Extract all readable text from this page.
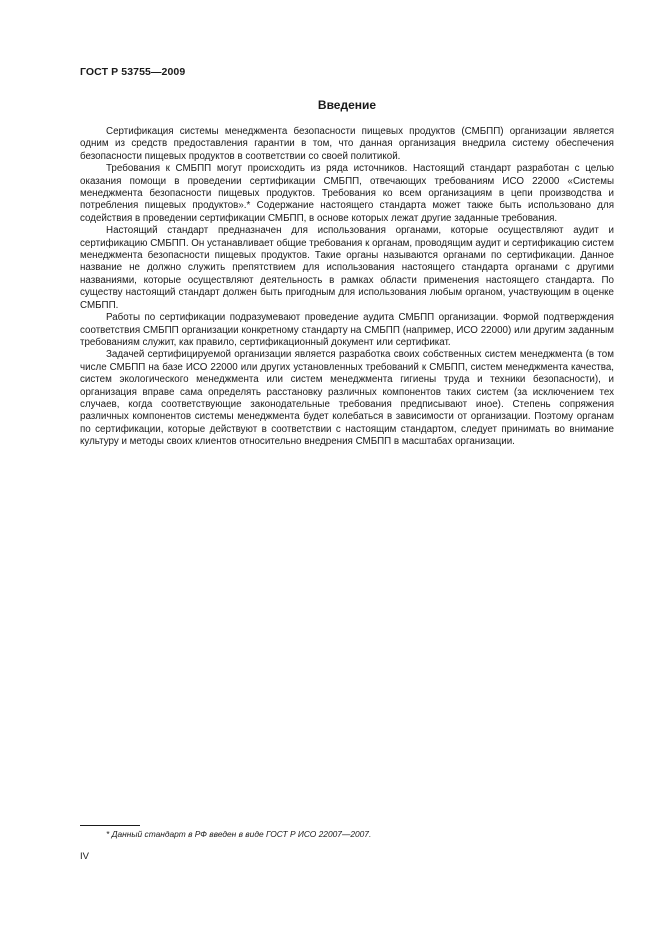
ГОСТ Р 53755—2009
Введение

Сертификация системы менеджмента безопасности пищевых продуктов (СМБПП) организации является одним из средств предоставления гарантии в том, что данная организация внедрила систему обеспечения безопасности пищевых продуктов в соответствии со своей политикой.

Требования к СМБПП могут происходить из ряда источников. Настоящий стандарт разработан с целью оказания помощи в проведении сертификации СМБПП, отвечающих требованиям ИСО 22000 «Системы менеджмента безопасности пищевых продуктов. Требования ко всем организациям в цепи производства и потребления пищевых продуктов».* Содержание настоящего стандарта может также быть использовано для содействия в проведении сертификации СМБПП, в основе которых лежат другие заданные требования.

Настоящий стандарт предназначен для использования органами, которые осуществляют аудит и сертификацию СМБПП. Он устанавливает общие требования к органам, проводящим аудит и сертификацию систем менеджмента безопасности пищевых продуктов. Такие органы называются органами по сертификации. Данное название не должно служить препятствием для использования настоящего стандарта органами с другими названиями, которые осуществляют деятельность в рамках области применения настоящего стандарта. По существу настоящий стандарт должен быть пригодным для использования любым органом, участвующим в оценке СМБПП.

Работы по сертификации подразумевают проведение аудита СМБПП организации. Формой подтверждения соответствия СМБПП организации конкретному стандарту на СМБПП (например, ИСО 22000) или другим заданным требованиям служит, как правило, сертификационный документ или сертификат.

Задачей сертифицируемой организации является разработка своих собственных систем менеджмента (в том числе СМБПП на базе ИСО 22000 или других установленных требований к СМБПП, систем менеджмента качества, систем экологического менеджмента или систем менеджмента гигиены труда и техники безопасности), и организация вправе сама определять расстановку различных компонентов таких систем (за исключением тех случаев, когда соответствующие законодательные требования предписывают иное). Степень сопряжения различных компонентов системы менеджмента будет колебаться в зависимости от организации. Поэтому органам по сертификации, которые действуют в соответствии с настоящим стандартом, следует принимать во внимание культуру и методы своих клиентов относительно внедрения СМБПП в масштабах организации.

* Данный стандарт в РФ введен в виде ГОСТ Р ИСО 22007—2007.
IV
